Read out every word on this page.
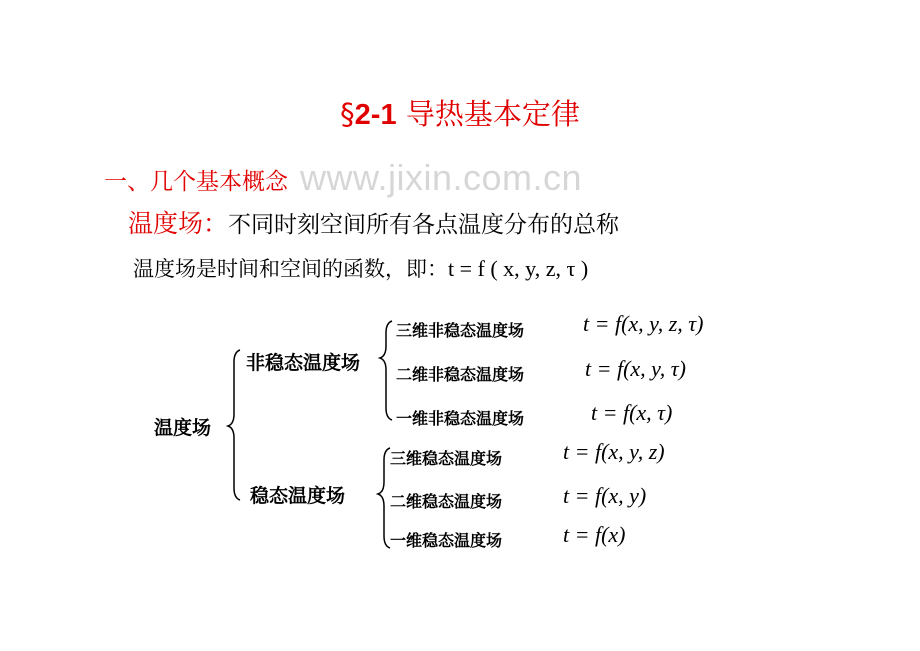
§2-1 导热基本定律
一、几个基本概念 www.jixin.com.cn
温度场：不同时刻空间所有各点温度分布的总称
温度场是时间和空间的函数，即：t = f ( x, y, z, τ )
温度场
非稳态温度场
稳态温度场
三维非稳态温度场	t = f(x, y, z, τ)
二维非稳态温度场	t = f(x, y, τ)
一维非稳态温度场	t = f(x, τ)
三维稳态温度场	t = f(x, y, z)
二维稳态温度场	t = f(x, y)
一维稳态温度场	t = f(x)
